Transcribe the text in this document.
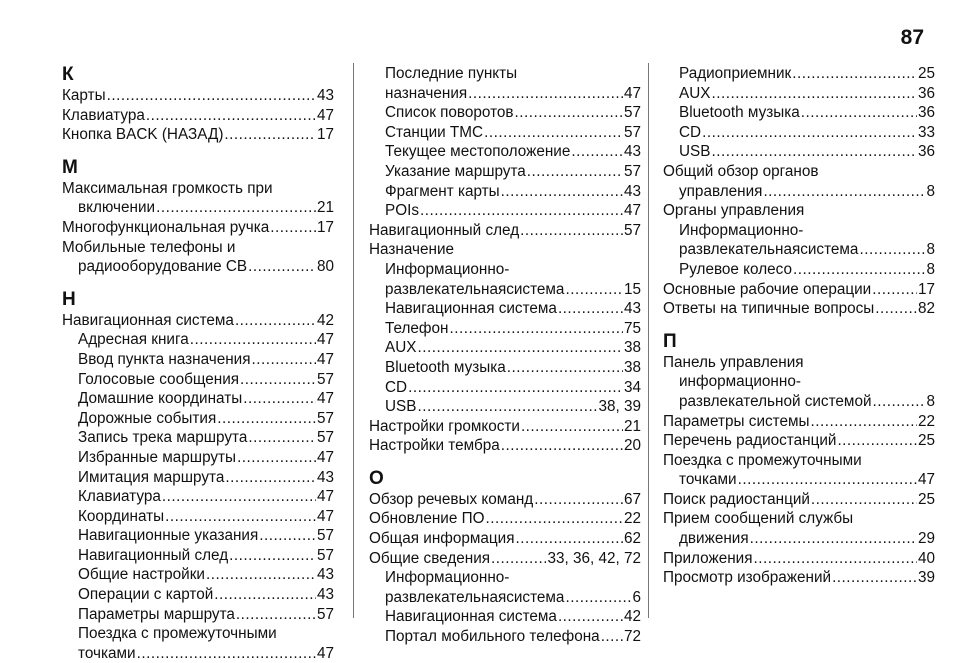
87
К
Карты .....	43
Клавиатура .....	47
Кнопка BACK (НАЗАД) .....	17
М
Максимальная громкость при
включении .....	21
Многофункциональная ручка .....	17
Мобильные телефоны и
радиооборудование CB .....	80
Н
Навигационная система .....	42
Адресная книга .....	47
Ввод пункта назначения .....	47
Голосовые сообщения .....	57
Домашние координаты .....	47
Дорожные события .....	57
Запись трека маршрута .....	57
Избранные маршруты .....	47
Имитация маршрута .....	43
Клавиатура .....	47
Координаты .....	47
Навигационные указания .....	57
Навигационный след .....	57
Общие настройки .....	43
Операции с картой .....	43
Параметры маршрута .....	57
Поездка с промежуточными
точками .....	47
Последние пункты
назначения .....	47
Список поворотов .....	57
Станции TMC .....	57
Текущее местоположение .....	43
Указание маршрута .....	57
Фрагмент карты .....	43
POIs .....	47
Навигационный след .....	57
Назначение
Информационно-
развлекательнаясистема .....	15
Навигационная система .....	43
Телефон .....	75
AUX .....	38
Bluetooth музыка .....	38
CD .....	34
USB .....	38, 39
Настройки громкости .....	21
Настройки тембра .....	20
О
Обзор речевых команд .....	67
Обновление ПО .....	22
Общая информация .....	62
Общие сведения .....	33, 36, 42, 72
Информационно-
развлекательнаясистема .....	6
Навигационная система .....	42
Портал мобильного телефона ..... 72
Радиоприемник .....	25
AUX .....	36
Bluetooth музыка .....	36
CD .....	33
USB .....	36
Общий обзор органов
управления .....	8
Органы управления
Информационно-
развлекательнаясистема .....	8
Рулевое колесо .....	8
Основные рабочие операции .....	17
Ответы на типичные вопросы .....	82
П
Панель управления
информационно-
развлекательной системой .....	8
Параметры системы .....	22
Перечень радиостанций .....	25
Поездка с промежуточными
точками .....	47
Поиск радиостанций .....	25
Прием сообщений службы
движения .....	29
Приложения .....	40
Просмотр изображений .....	39
